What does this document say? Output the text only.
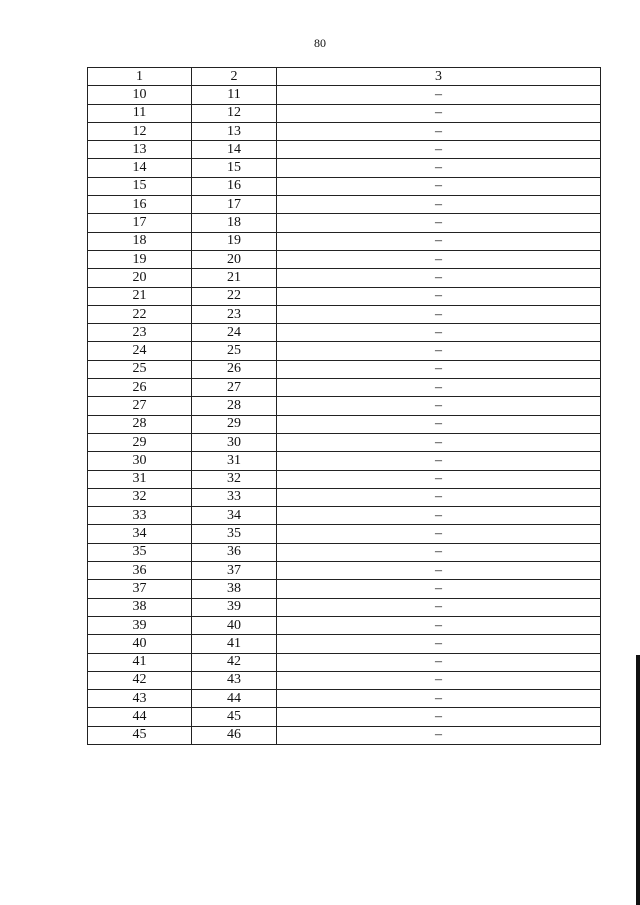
80
1	2	3
10	11	–
11	12	–
12	13	–
13	14	–
14	15	–
15	16	–
16	17	–
17	18	–
18	19	–
19	20	–
20	21	–
21	22	–
22	23	–
23	24	–
24	25	–
25	26	–
26	27	–
27	28	–
28	29	–
29	30	–
30	31	–
31	32	–
32	33	–
33	34	–
34	35	–
35	36	–
36	37	–
37	38	–
38	39	–
39	40	–
40	41	–
41	42	–
42	43	–
43	44	–
44	45	–
45	46	–
